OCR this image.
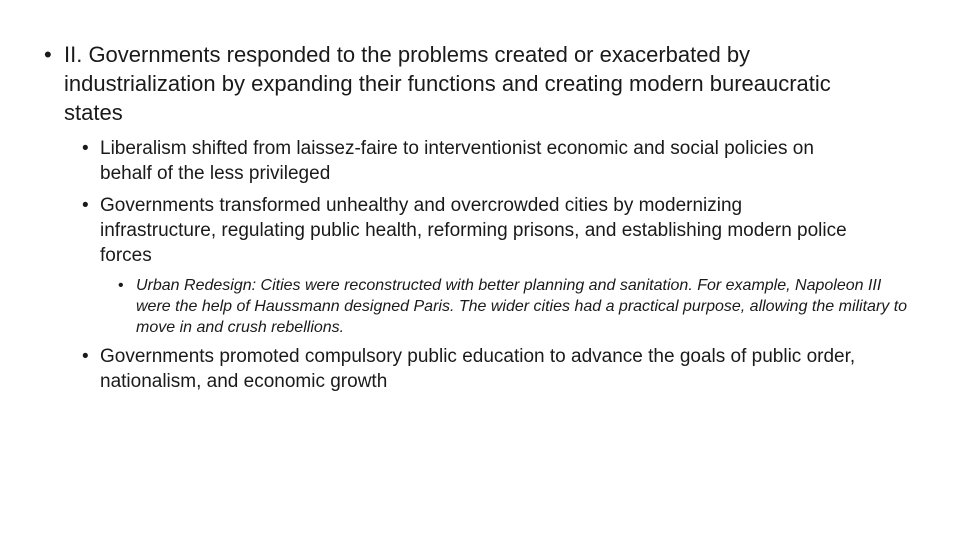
• II. Governments responded to the problems created or exacerbated by industrialization by expanding their functions and creating modern bureaucratic states
• Liberalism shifted from laissez-faire to interventionist economic and social policies on behalf of the less privileged
• Governments transformed unhealthy and overcrowded cities by modernizing infrastructure, regulating public health, reforming prisons, and establishing modern police forces
• Urban Redesign: Cities were reconstructed with better planning and sanitation. For example, Napoleon III were the help of Haussmann designed Paris. The wider cities had a practical purpose, allowing the military to move in and crush rebellions.
• Governments promoted compulsory public education to advance the goals of public order, nationalism, and economic growth
